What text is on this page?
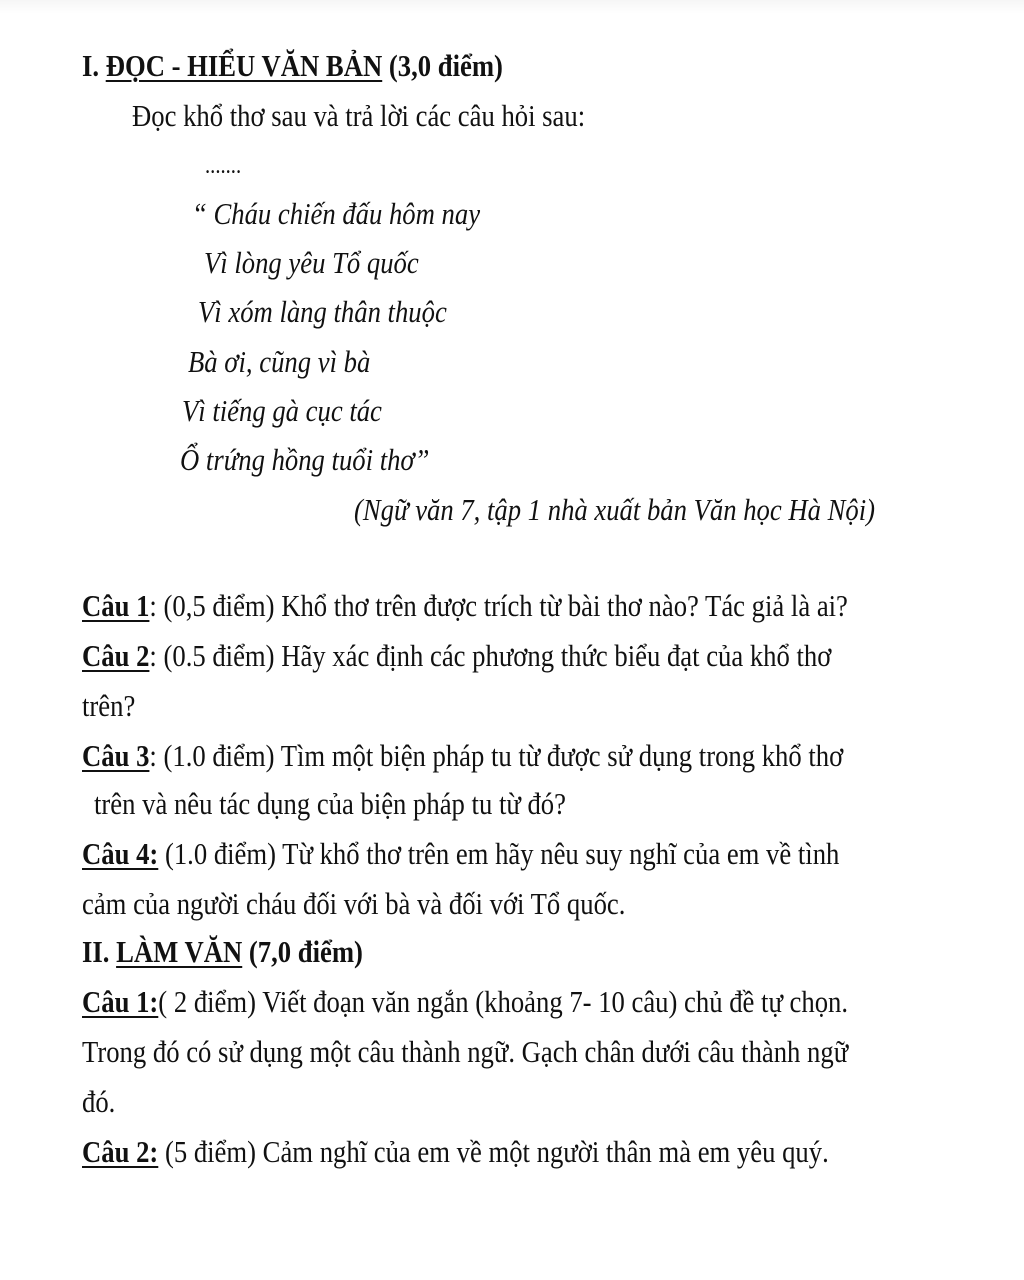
I. ĐỌC - HIỂU VĂN BẢN (3,0 điểm)
Đọc khổ thơ sau và trả lời các câu hỏi sau:
.......
“ Cháu chiến đấu hôm nay
Vì lòng yêu Tổ quốc
Vì xóm làng thân thuộc
Bà ơi, cũng vì bà
Vì tiếng gà cục tác
Ổ trứng hồng tuổi thơ”
(Ngữ văn 7, tập 1 nhà xuất bản Văn học Hà Nội)
Câu 1: (0,5 điểm) Khổ thơ trên được trích từ bài thơ nào? Tác giả là ai?
Câu 2: (0.5 điểm) Hãy xác định các phương thức biểu đạt của khổ thơ
trên?
Câu 3: (1.0 điểm) Tìm một biện pháp tu từ được sử dụng trong khổ thơ
trên và nêu tác dụng của biện pháp tu từ đó?
Câu 4: (1.0 điểm) Từ khổ thơ trên em hãy nêu suy nghĩ của em về tình
cảm của người cháu đối với bà và đối với Tổ quốc.
II. LÀM VĂN (7,0 điểm)
Câu 1:( 2 điểm) Viết đoạn văn ngắn (khoảng 7- 10 câu) chủ đề tự chọn.
Trong đó có sử dụng một câu thành ngữ. Gạch chân dưới câu thành ngữ
đó.
Câu 2: (5 điểm) Cảm nghĩ của em về một người thân mà em yêu quý.
